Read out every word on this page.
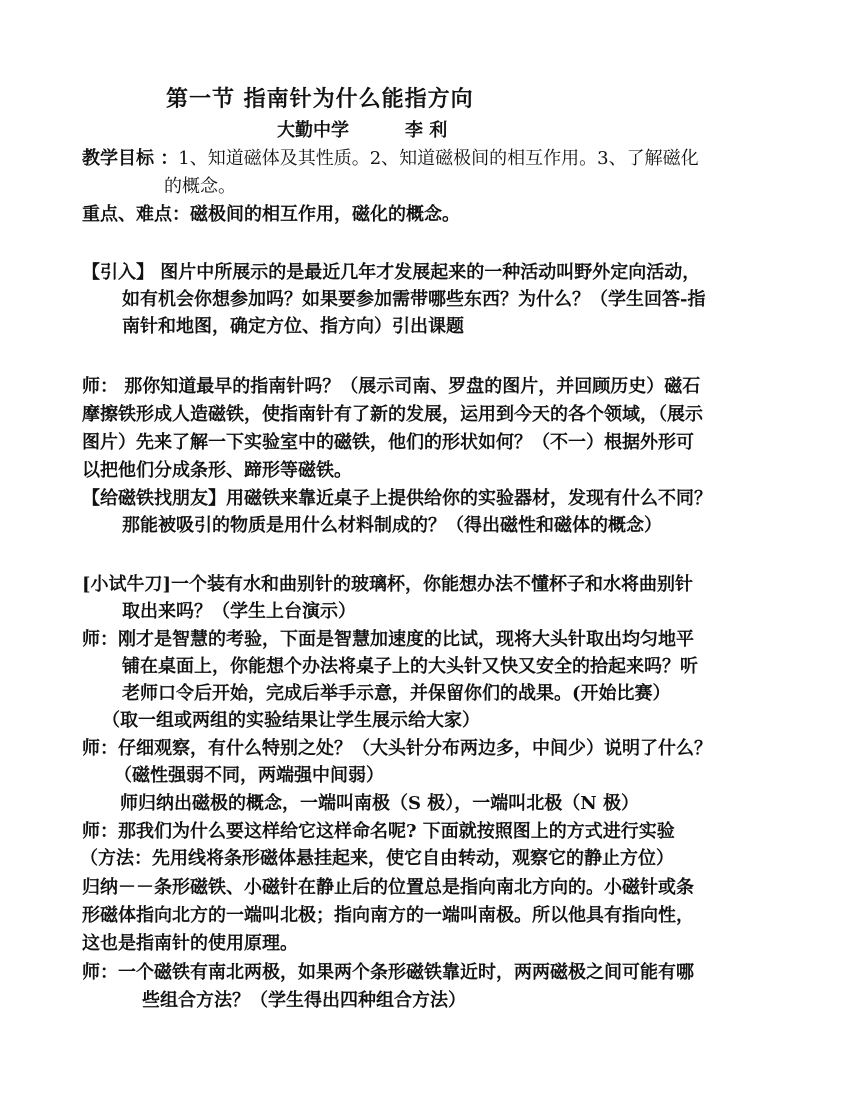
第一节 指南针为什么能指方向
大勤中学	李 利
教学目标 ：1、知道磁体及其性质。2、知道磁极间的相互作用。3、了解磁化
的概念。
重点、难点：磁极间的相互作用，磁化的概念。
【引入】 图片中所展示的是最近几年才发展起来的一种活动叫野外定向活动，
如有机会你想参加吗？如果要参加需带哪些东西？为什么？（学生回答-指
南针和地图，确定方位、指方向）引出课题
师： 那你知道最早的指南针吗？（展示司南、罗盘的图片，并回顾历史）磁石
摩擦铁形成人造磁铁，使指南针有了新的发展，运用到今天的各个领域，（展示
图片）先来了解一下实验室中的磁铁，他们的形状如何？（不一）根据外形可
以把他们分成条形、蹄形等磁铁。
【给磁铁找朋友】用磁铁来靠近桌子上提供给你的实验器材，发现有什么不同？
那能被吸引的物质是用什么材料制成的？（得出磁性和磁体的概念）
[小试牛刀]一个装有水和曲别针的玻璃杯，你能想办法不懂杯子和水将曲别针
取出来吗？（学生上台演示）
师：刚才是智慧的考验，下面是智慧加速度的比试，现将大头针取出均匀地平
铺在桌面上，你能想个办法将桌子上的大头针又快又安全的拾起来吗？听
老师口令后开始，完成后举手示意，并保留你们的战果。(开始比赛）
（取一组或两组的实验结果让学生展示给大家）
师：仔细观察，有什么特别之处？（大头针分布两边多，中间少）说明了什么？
（磁性强弱不同，两端强中间弱）
师归纳出磁极的概念，一端叫南极（S 极），一端叫北极（N 极）
师：那我们为什么要这样给它这样命名呢? 下面就按照图上的方式进行实验
（方法：先用线将条形磁体悬挂起来，使它自由转动，观察它的静止方位）
归纳－－条形磁铁、小磁针在静止后的位置总是指向南北方向的。小磁针或条
形磁体指向北方的一端叫北极；指向南方的一端叫南极。所以他具有指向性，
这也是指南针的使用原理。
师：一个磁铁有南北两极，如果两个条形磁铁靠近时，两两磁极之间可能有哪
些组合方法？（学生得出四种组合方法）
